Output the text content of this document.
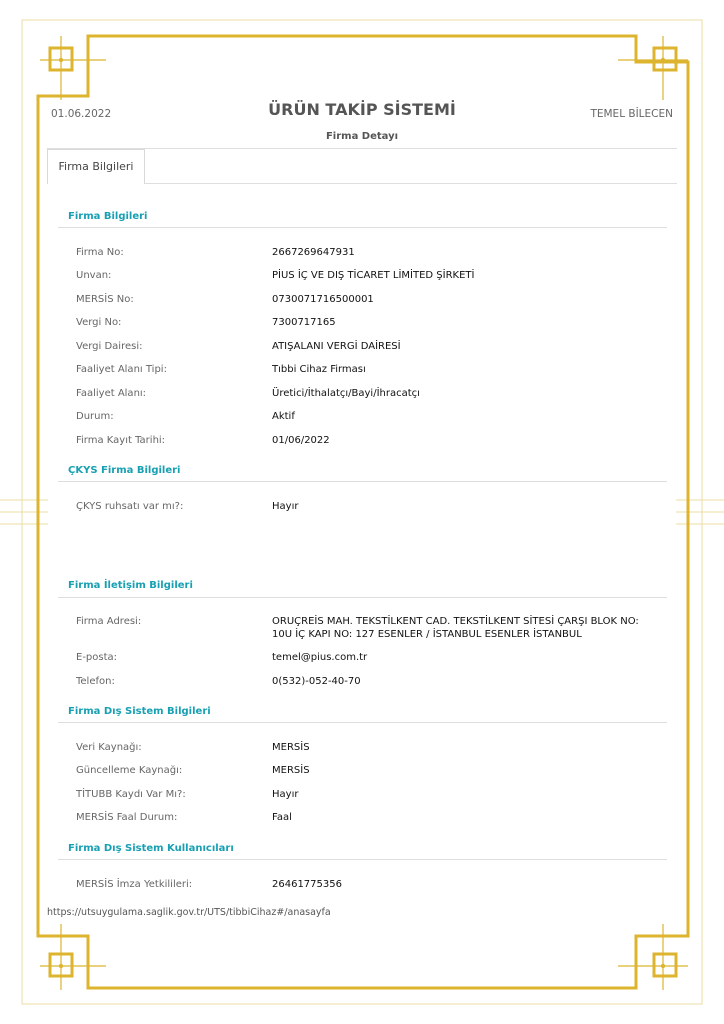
01.06.2022	ÜRÜN TAKİP SİSTEMİ	TEMEL BİLECEN
Firma Detayı
Firma Bilgileri
Firma Bilgileri
Firma No:	2667269647931
Unvan:	PİUS İÇ VE DIŞ TİCARET LİMİTED ŞİRKETİ
MERSİS No:	0730071716500001
Vergi No:	7300717165
Vergi Dairesi:	ATIŞALANI VERGİ DAİRESİ
Faaliyet Alanı Tipi:	Tıbbi Cihaz Firması
Faaliyet Alanı:	Üretici/İthalatçı/Bayi/İhracatçı
Durum:	Aktif
Firma Kayıt Tarihi:	01/06/2022
ÇKYS Firma Bilgileri
ÇKYS ruhsatı var mı?:	Hayır
Firma İletişim Bilgileri
Firma Adresi:	ORUÇREİS MAH. TEKSTİLKENT CAD. TEKSTİLKENT SİTESİ ÇARŞI BLOK NO: 10U İÇ KAPI NO: 127 ESENLER / İSTANBUL ESENLER İSTANBUL
E-posta:	temel@pius.com.tr
Telefon:	0(532)-052-40-70
Firma Dış Sistem Bilgileri
Veri Kaynağı:	MERSİS
Güncelleme Kaynağı:	MERSİS
TİTUBB Kaydı Var Mı?:	Hayır
MERSİS Faal Durum:	Faal
Firma Dış Sistem Kullanıcıları
MERSİS İmza Yetkilileri:	26461775356
https://utsuygulama.saglik.gov.tr/UTS/tibbiCihaz#/anasayfa
